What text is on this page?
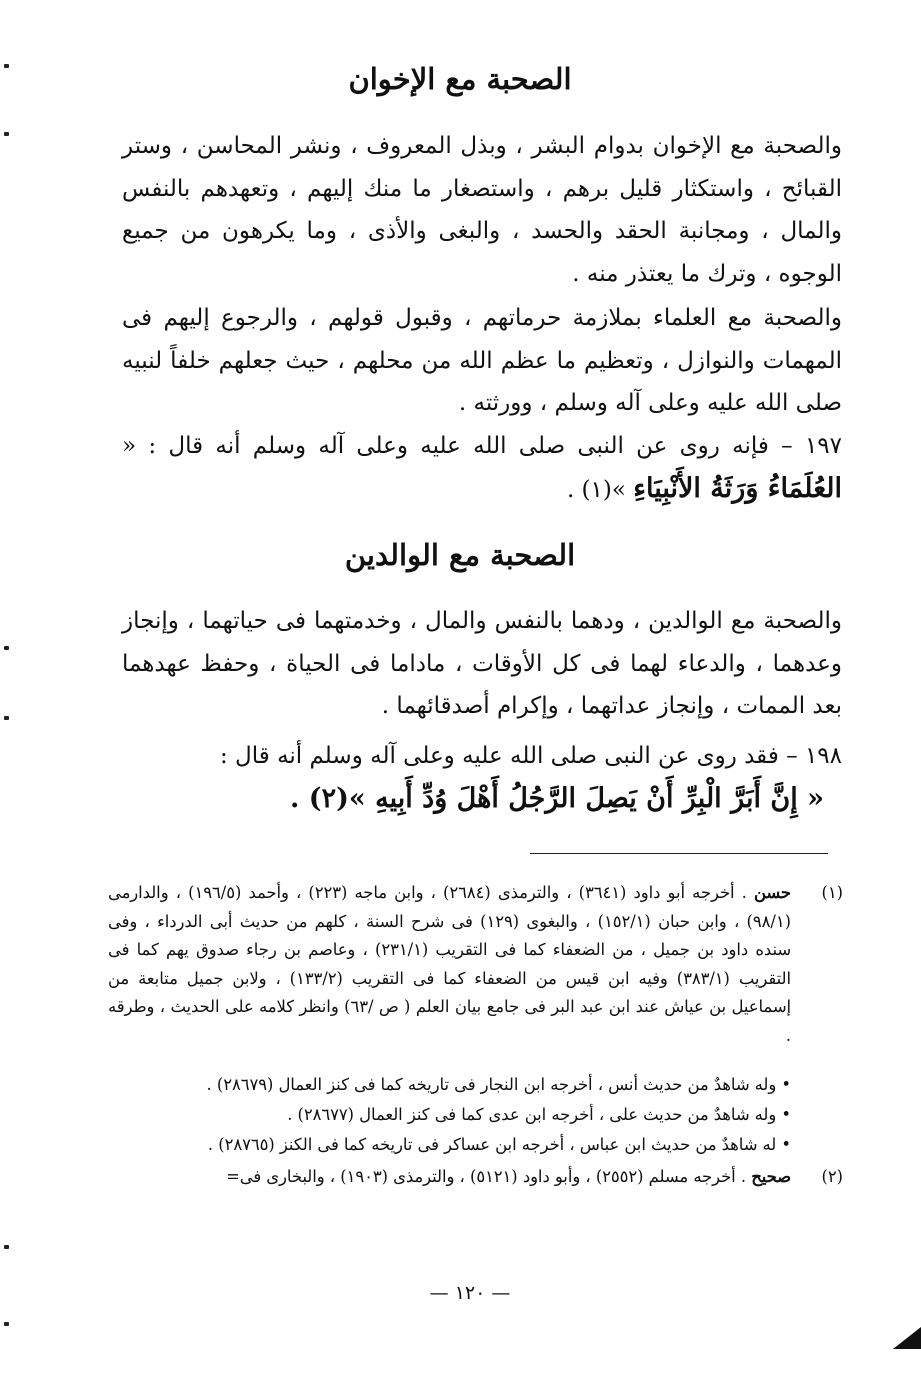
الصحبة مع الإخوان
والصحبة مع الإخوان بدوام البشر ، وبذل المعروف ، ونشر المحاسن ، وستر القبائح ، واستكثار قليل برهم ، واستصغار ما منك إليهم ، وتعهدهم بالنفس والمال ، ومجانبة الحقد والحسد ، والبغى والأذى ، وما يكرهون من جميع الوجوه ، وترك ما يعتذر منه .
والصحبة مع العلماء بملازمة حرماتهم ، وقبول قولهم ، والرجوع إليهم فى المهمات والنوازل ، وتعظيم ما عظم الله من محلهم ، حيث جعلهم خلفاً لنبيه صلى الله عليه وعلى آله وسلم ، وورثته .
١٩٧ – فإنه روى عن النبى صلى الله عليه وعلى آله وسلم أنه قال : « العُلَمَاءُ وَرَثَةُ الأَنْبِيَاءِ »(١) .
الصحبة مع الوالدين
والصحبة مع الوالدين ، ودهما بالنفس والمال ، وخدمتهما فى حياتهما ، وإنجاز وعدهما ، والدعاء لهما فى كل الأوقات ، ماداما فى الحياة ، وحفظ عهدهما بعد الممات ، وإنجاز عداتهما ، وإكرام أصدقائهما .
١٩٨ – فقد روى عن النبى صلى الله عليه وعلى آله وسلم أنه قال :
« إِنَّ أَبَرَّ الْبِرِّ أَنْ يَصِلَ الرَّجُلُ أَهْلَ وُدِّ أَبِيهِ »(٢) .
(١)
حسن . أخرجه أبو داود (٣٦٤١) ، والترمذى (٢٦٨٤) ، وابن ماجه (٢٢٣) ، وأحمد (١٩٦/٥) ، والدارمى (٩٨/١) ، وابن حبان (١٥٢/١) ، والبغوى (١٢٩) فى شرح السنة ، كلهم من حديث أبى الدرداء ، وفى سنده داود بن جميل ، من الضعفاء كما فى التقريب (٢٣١/١) ، وعاصم بن رجاء صدوق يهم كما فى التقريب (٣٨٣/١) وفيه ابن قيس من الضعفاء كما فى التقريب (١٣٣/٢) ، ولابن جميل متابعة من إسماعيل بن عياش عند ابن عبد البر فى جامع بيان العلم ( ص /٦٣) وانظر كلامه على الحديث ، وطرقه .
• وله شاهدٌ من حديث أنس ، أخرجه ابن النجار فى تاريخه كما فى كنز العمال (٢٨٦٧٩) .
• وله شاهدٌ من حديث على ، أخرجه ابن عدى كما فى كنز العمال (٢٨٦٧٧) .
• له شاهدٌ من حديث ابن عباس ، أخرجه ابن عساكر فى تاريخه كما فى الكنز (٢٨٧٦٥) .
(٢)
صحيح . أخرجه مسلم (٢٥٥٢) ، وأبو داود (٥١٢١) ، والترمذى (١٩٠٣) ، والبخارى فى=
— ١٢٠ —
